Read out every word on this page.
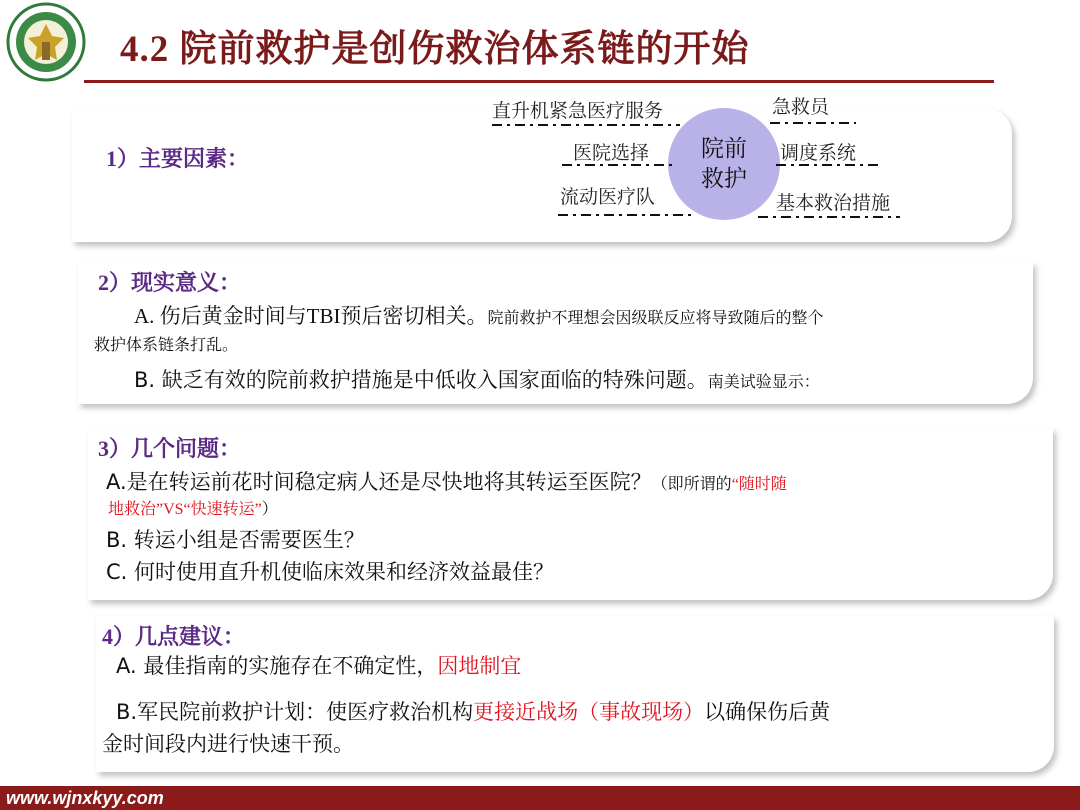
4.2 院前救护是创伤救治体系链的开始
1）主要因素：	院前
救护
直升机紧急医疗服务
医院选择
流动医疗队
急救员
调度系统
基本救治措施
2）现实意义：
A. 伤后黄金时间与TBI预后密切相关。院前救护不理想会因级联反应将导致随后的整个
救护体系链条打乱。
B. 缺乏有效的院前救护措施是中低收入国家面临的特殊问题。南美试验显示：
3）几个问题：
A.是在转运前花时间稳定病人还是尽快地将其转运至医院？（即所谓的“随时随
地救治”VS“快速转运”）
B. 转运小组是否需要医生？
C. 何时使用直升机使临床效果和经济效益最佳？
4）几点建议：
A. 最佳指南的实施存在不确定性，因地制宜
B.军民院前救护计划：使医疗救治机构更接近战场（事故现场）以确保伤后黄
金时间段内进行快速干预。
www.wjnxkyy.com
